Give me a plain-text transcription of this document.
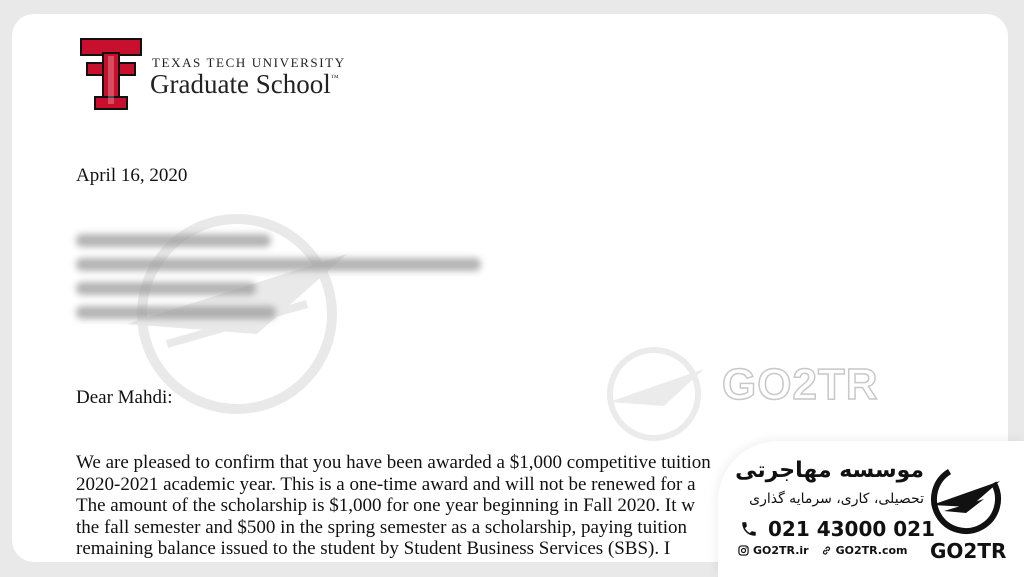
GO2TR
TEXAS TECH UNIVERSITY
Graduate School™
April 16, 2020
Dear Mahdi:
We are pleased to confirm that you have been awarded a $1,000 competitive tuition
2020-2021 academic year. This is a one-time award and will not be renewed for a
The amount of the scholarship is $1,000 for one year beginning in Fall 2020. It w
the fall semester and $500 in the spring semester as a scholarship, paying tuition
remaining balance issued to the student by Student Business Services (SBS). I
موسسه مهاجرتی
تحصیلی، کاری، سرمایه گذاری
021 43000 021
GO2TR.ir GO2TR.com GO2TR
